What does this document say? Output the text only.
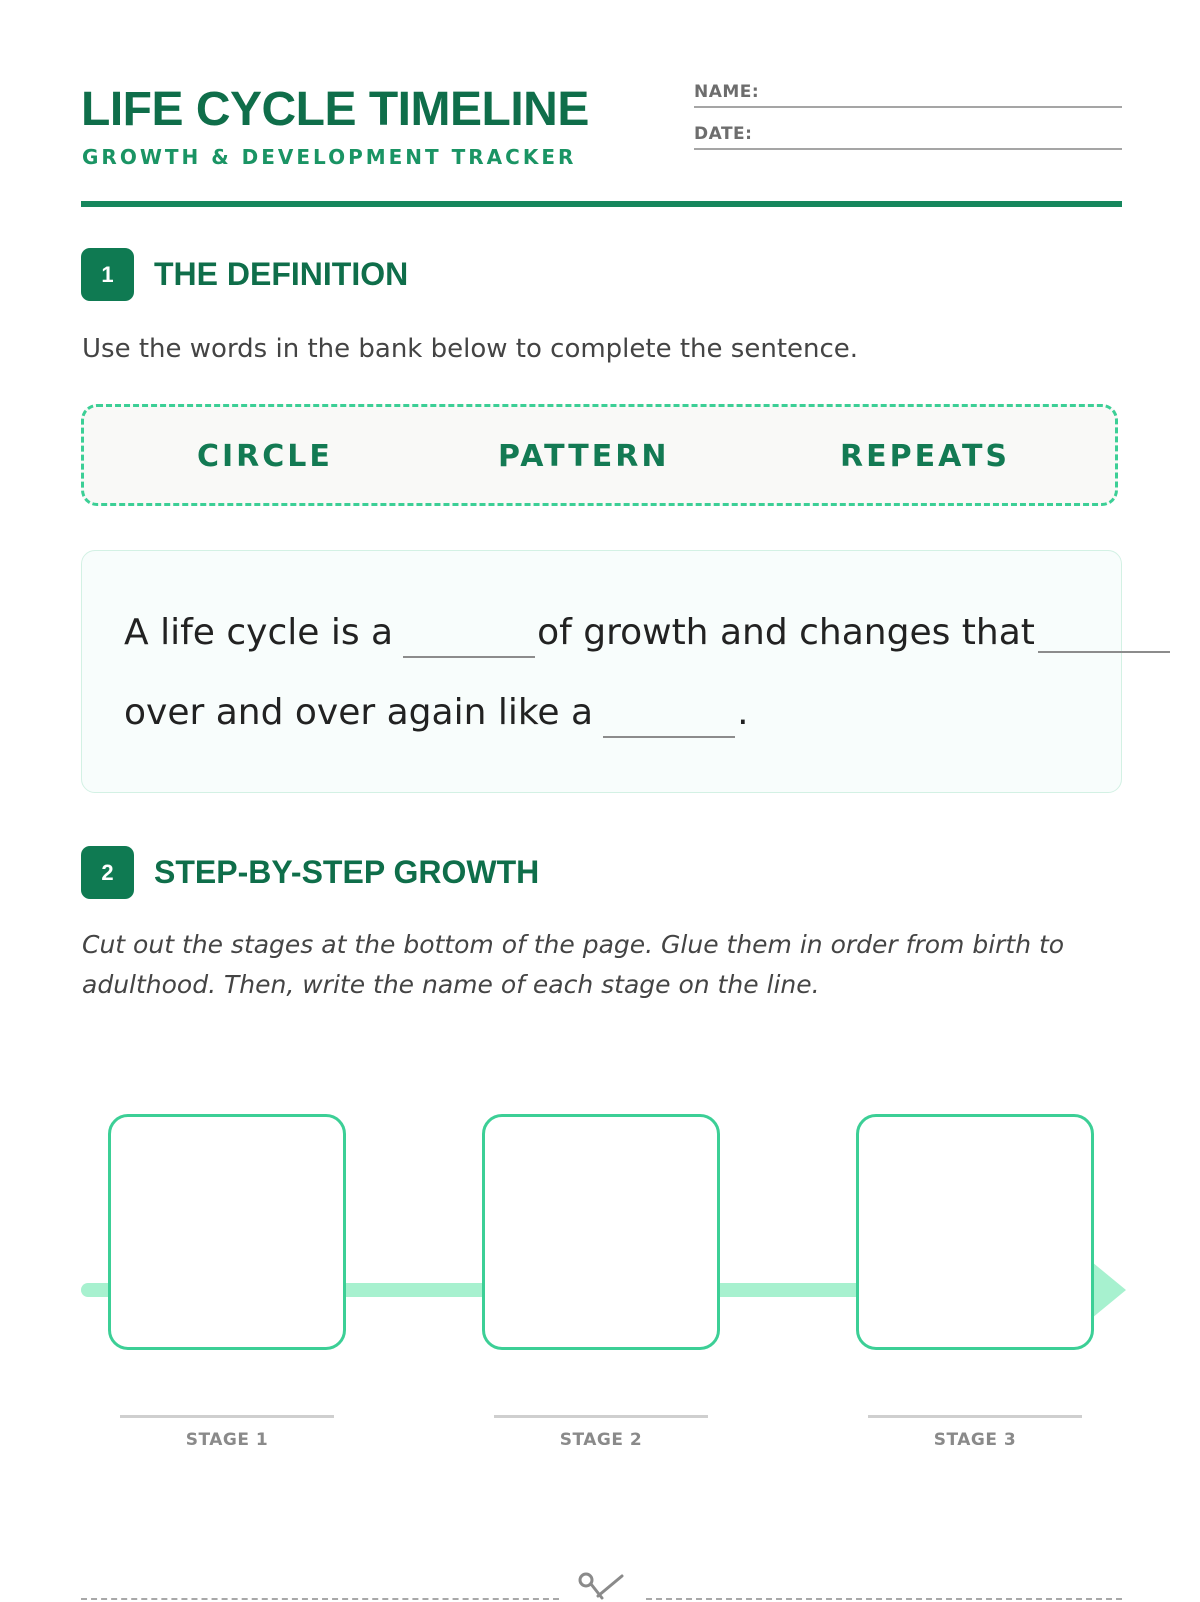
LIFE CYCLE TIMELINE
GROWTH & DEVELOPMENT TRACKER
NAME:
DATE:
1	THE DEFINITION
Use the words in the bank below to complete the sentence.
CIRCLE	PATTERN	REPEATS
A life cycle is a	of growth and changes that
over and over again like a	.
2	STEP-BY-STEP GROWTH
Cut out the stages at the bottom of the page. Glue them in order from birth to adulthood. Then, write the name of each stage on the line.
STAGE 1	STAGE 2	STAGE 3
